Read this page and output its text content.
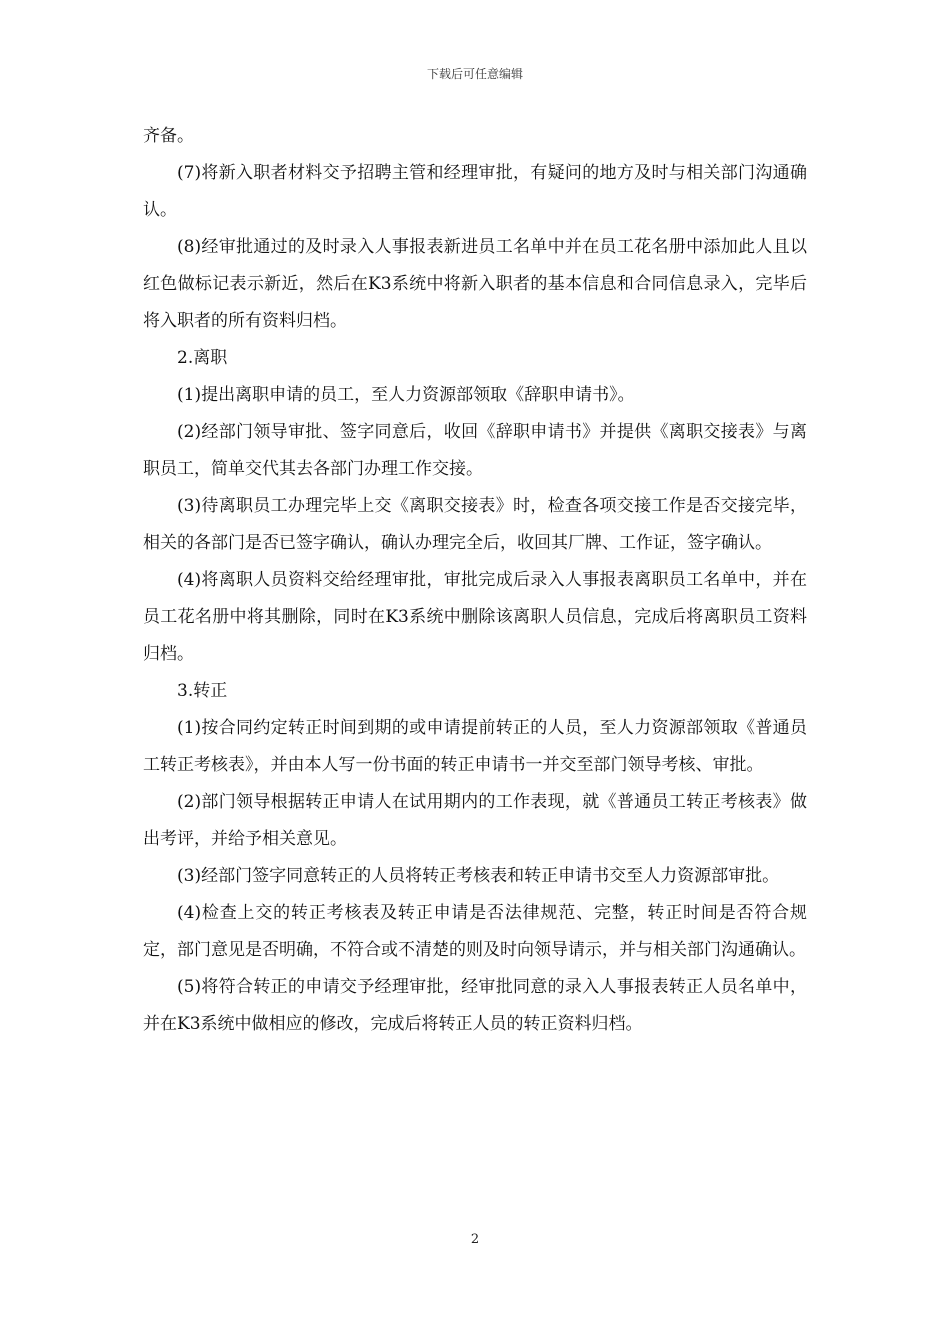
下载后可任意编辑

齐备。

(7)将新入职者材料交予招聘主管和经理审批，有疑问的地方及时与相关部门沟通确认。

(8)经审批通过的及时录入人事报表新进员工名单中并在员工花名册中添加此人且以红色做标记表示新近，然后在K3系统中将新入职者的基本信息和合同信息录入，完毕后将入职者的所有资料归档。

2.离职

(1)提出离职申请的员工，至人力资源部领取《辞职申请书》。

(2)经部门领导审批、签字同意后，收回《辞职申请书》并提供《离职交接表》与离职员工，简单交代其去各部门办理工作交接。

(3)待离职员工办理完毕上交《离职交接表》时，检查各项交接工作是否交接完毕，相关的各部门是否已签字确认，确认办理完全后，收回其厂牌、工作证，签字确认。

(4)将离职人员资料交给经理审批，审批完成后录入人事报表离职员工名单中，并在员工花名册中将其删除，同时在K3系统中删除该离职人员信息，完成后将离职员工资料归档。

3.转正

(1)按合同约定转正时间到期的或申请提前转正的人员，至人力资源部领取《普通员工转正考核表》，并由本人写一份书面的转正申请书一并交至部门领导考核、审批。

(2)部门领导根据转正申请人在试用期内的工作表现，就《普通员工转正考核表》做出考评，并给予相关意见。

(3)经部门签字同意转正的人员将转正考核表和转正申请书交至人力资源部审批。

(4)检查上交的转正考核表及转正申请是否法律规范、完整，转正时间是否符合规定，部门意见是否明确，不符合或不清楚的则及时向领导请示，并与相关部门沟通确认。

(5)将符合转正的申请交予经理审批，经审批同意的录入人事报表转正人员名单中，并在K3系统中做相应的修改，完成后将转正人员的转正资料归档。

2
